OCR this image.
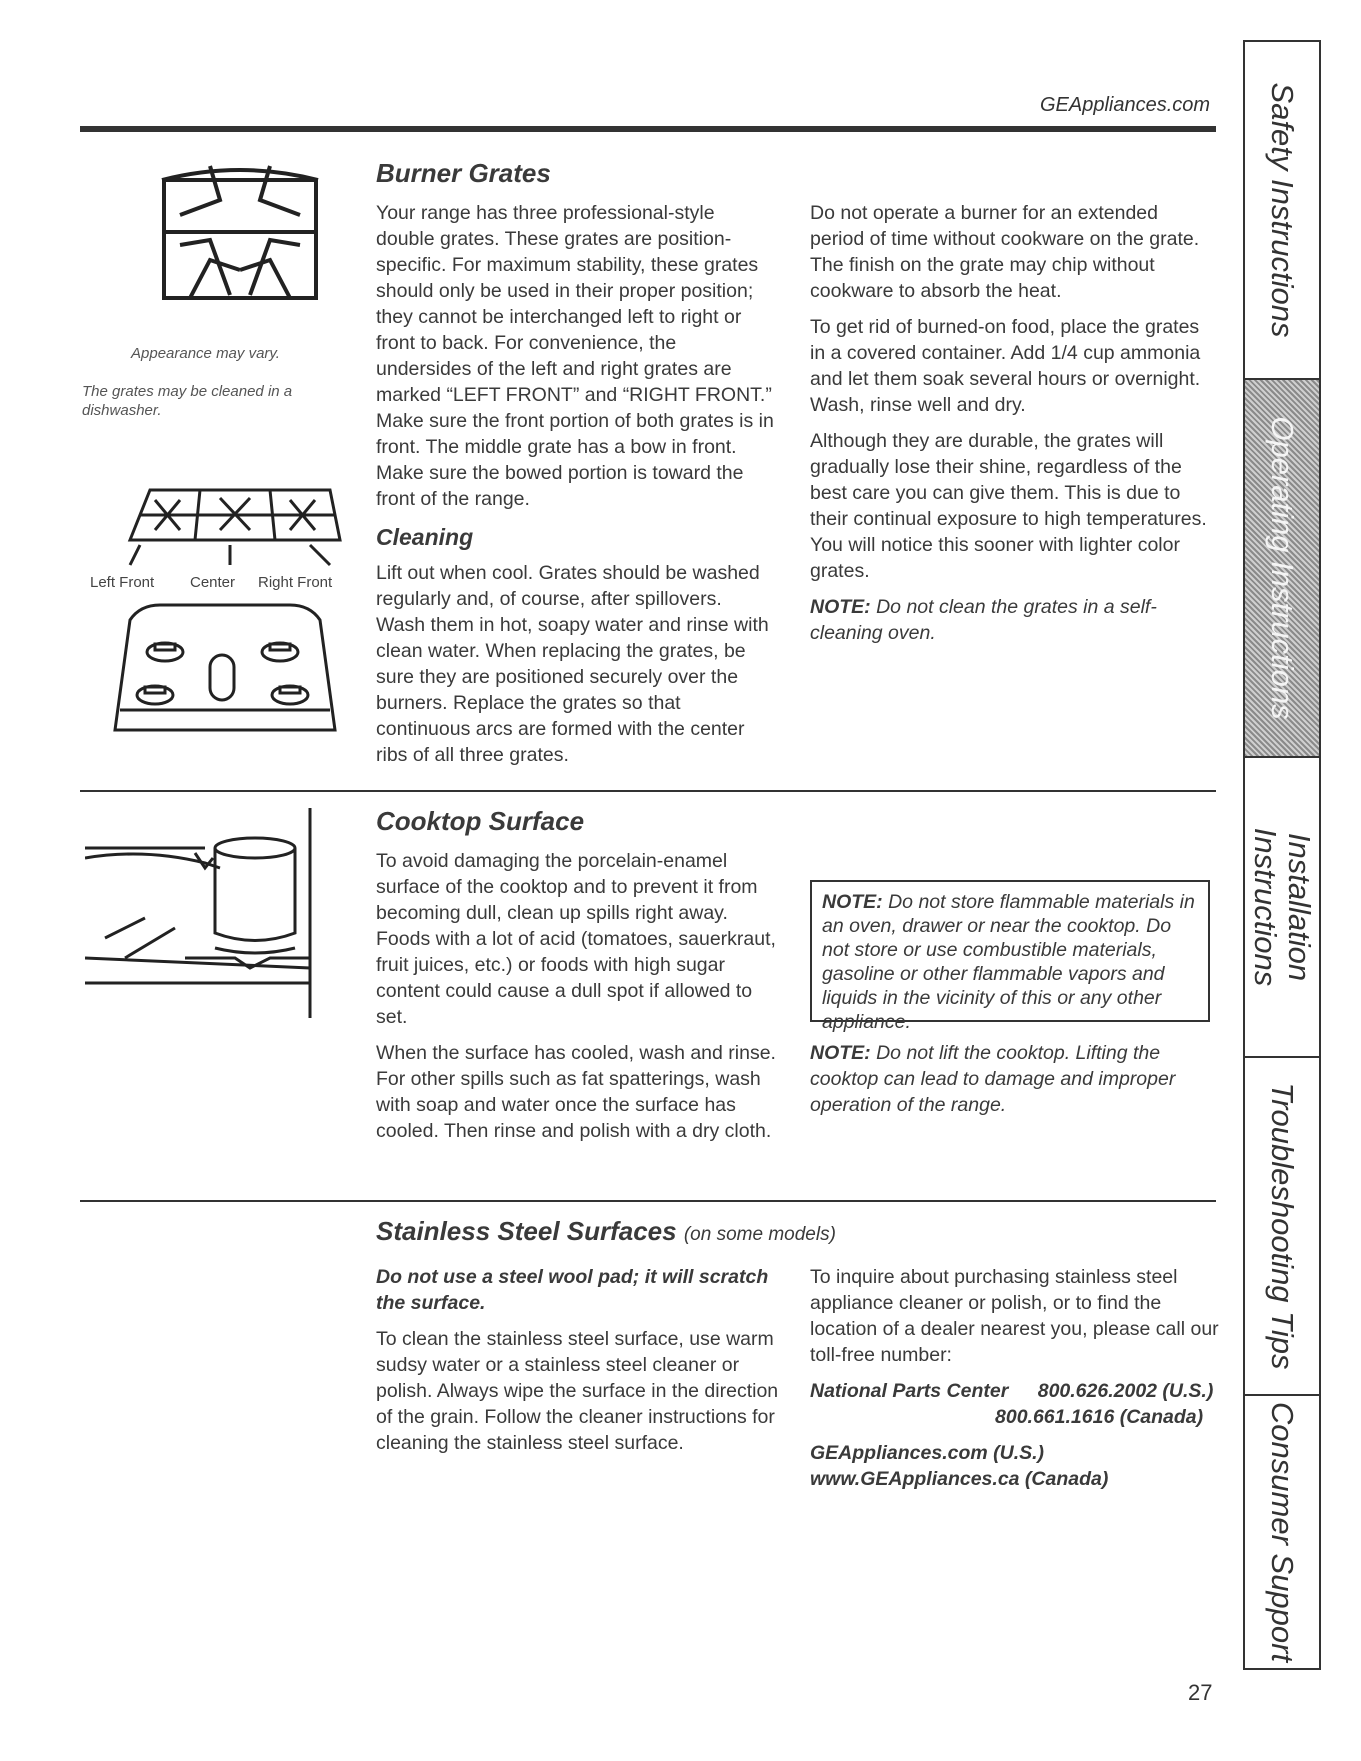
GEAppliances.com
Appearance may vary.
The grates may be cleaned in a dishwasher.
Left Front Center Right Front
Burner Grates

Your range has three professional-style double grates. These grates are position-specific. For maximum stability, these grates should only be used in their proper position; they cannot be interchanged left to right or front to back. For convenience, the undersides of the left and right grates are marked “LEFT FRONT” and “RIGHT FRONT.” Make sure the front portion of both grates is in front. The middle grate has a bow in front. Make sure the bowed portion is toward the front of the range.

Cleaning

Lift out when cool. Grates should be washed regularly and, of course, after spillovers. Wash them in hot, soapy water and rinse with clean water. When replacing the grates, be sure they are positioned securely over the burners. Replace the grates so that continuous arcs are formed with the center ribs of all three grates.

Do not operate a burner for an extended period of time without cookware on the grate. The finish on the grate may chip without cookware to absorb the heat.

To get rid of burned-on food, place the grates in a covered container. Add 1/4 cup ammonia and let them soak several hours or overnight. Wash, rinse well and dry.

Although they are durable, the grates will gradually lose their shine, regardless of the best care you can give them. This is due to their continual exposure to high temperatures. You will notice this sooner with lighter color grates.

NOTE: Do not clean the grates in a self-cleaning oven.

Cooktop Surface

To avoid damaging the porcelain-enamel surface of the cooktop and to prevent it from becoming dull, clean up spills right away. Foods with a lot of acid (tomatoes, sauerkraut, fruit juices, etc.) or foods with high sugar content could cause a dull spot if allowed to set.

When the surface has cooled, wash and rinse. For other spills such as fat spatterings, wash with soap and water once the surface has cooled. Then rinse and polish with a dry cloth.

NOTE: Do not store flammable materials in an oven, drawer or near the cooktop. Do not store or use combustible materials, gasoline or other flammable vapors and liquids in the vicinity of this or any other appliance.

NOTE: Do not lift the cooktop. Lifting the cooktop can lead to damage and improper operation of the range.

Stainless Steel Surfaces (on some models)

Do not use a steel wool pad; it will scratch the surface.

To clean the stainless steel surface, use warm sudsy water or a stainless steel cleaner or polish. Always wipe the surface in the direction of the grain. Follow the cleaner instructions for cleaning the stainless steel surface.

To inquire about purchasing stainless steel appliance cleaner or polish, or to find the location of a dealer nearest you, please call our toll-free number:

National Parts Center 800.626.2002 (U.S.)

800.661.1616 (Canada)

GEAppliances.com (U.S.)

www.GEAppliances.ca (Canada)

Safety Instructions
Operating Instructions
Installation Instructions
Troubleshooting Tips
Consumer Support
27
